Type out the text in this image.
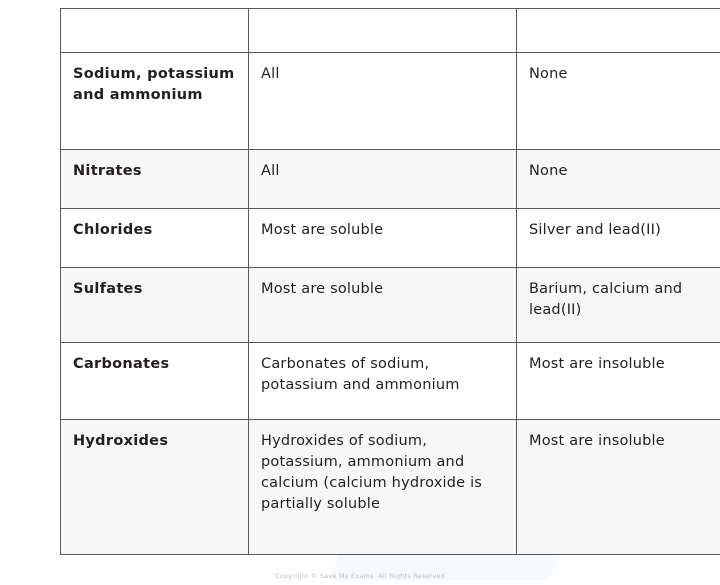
Salts	Soluble	Insoluble
Sodium, potassium and ammonium	All	None
Nitrates	All	None
Chlorides	Most are soluble	Silver and lead(II)
Sulfates	Most are soluble	Barium, calcium and lead(II)
Carbonates	Carbonates of sodium, potassium and ammonium	Most are insoluble
Hydroxides	Hydroxides of sodium, potassium, ammonium and calcium (calcium hydroxide is partially soluble	Most are insoluble
Copyright © Save My Exams. All Rights Reserved
